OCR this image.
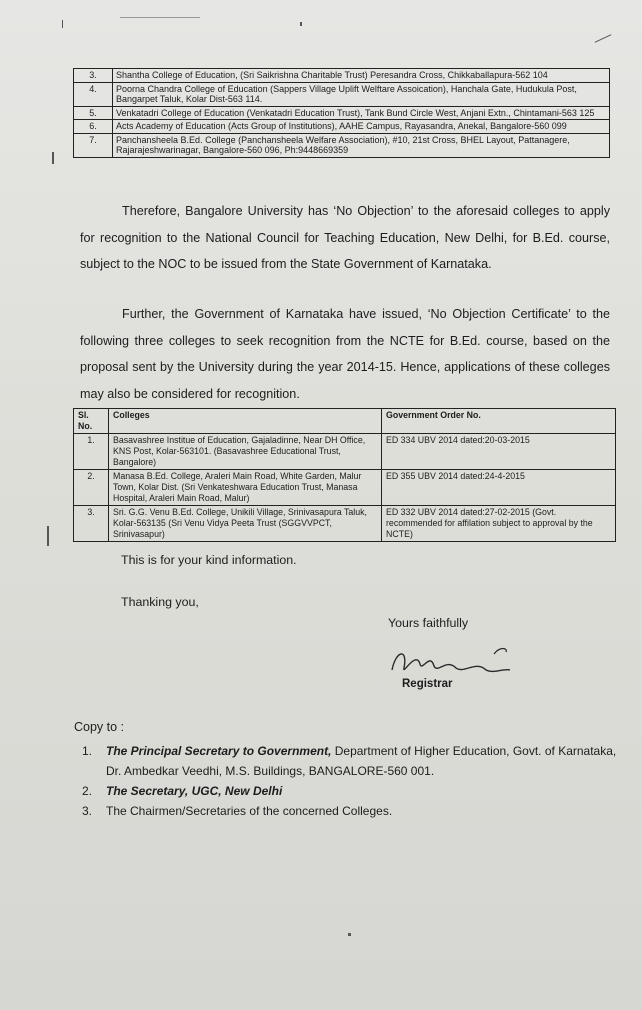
3.	Shantha College of Education, (Sri Saikrishna Charitable Trust) Peresandra Cross, Chikkaballapura-562 104
4.	Poorna Chandra College of Education (Sappers Village Uplift Welftare Assoication), Hanchala Gate, Hudukula Post, Bangarpet Taluk, Kolar Dist-563 114.
5.	Venkatadri College of Education (Venkatadri Education Trust), Tank Bund Circle West, Anjani Extn., Chintamani-563 125
6.	Acts Academy of Education (Acts Group of Institutions), AAHE Campus, Rayasandra, Anekal, Bangalore-560 099
7.	Panchansheela B.Ed. College (Panchansheela Welfare Association), #10, 21st Cross, BHEL Layout, Pattanagere, Rajarajeshwarinagar, Bangalore-560 096, Ph:9448669359
Therefore, Bangalore University has ‘No Objection’ to the aforesaid colleges to apply for recognition to the National Council for Teaching Education, New Delhi, for B.Ed. course, subject to the NOC to be issued from the State Government of Karnataka.
Further, the Government of Karnataka have issued, ‘No Objection Certificate’ to the following three colleges to seek recognition from the NCTE for B.Ed. course, based on the proposal sent by the University during the year 2014-15. Hence, applications of these colleges may also be considered for recognition.
Sl. No.	Colleges	Government Order No.
1.	Basavashree Institue of Education, Gajaladinne, Near DH Office, KNS Post, Kolar-563101. (Basavashree Educational Trust, Bangalore)	ED 334 UBV 2014 dated:20-03-2015
2.	Manasa B.Ed. College, Araleri Main Road, White Garden, Malur Town, Kolar Dist. (Sri Venkateshwara Education Trust, Manasa Hospital, Araleri Main Road, Malur)	ED 355 UBV 2014 dated:24-4-2015
3.	Sri. G.G. Venu B.Ed. College, Unikili Village, Srinivasapura Taluk, Kolar-563135 (Sri Venu Vidya Peeta Trust (SGGVVPCT, Srinivasapur)	ED 332 UBV 2014 dated:27-02-2015 (Govt. recommended for affilation subject to approval by the NCTE)
This is for your kind information.
Thanking you,
Yours faithfully
Registrar
Copy to :
1. The Principal Secretary to Government, Department of Higher Education, Govt. of Karnataka,
Dr. Ambedkar Veedhi, M.S. Buildings, BANGALORE-560 001.
2. The Secretary, UGC, New Delhi
3. The Chairmen/Secretaries of the concerned Colleges.
